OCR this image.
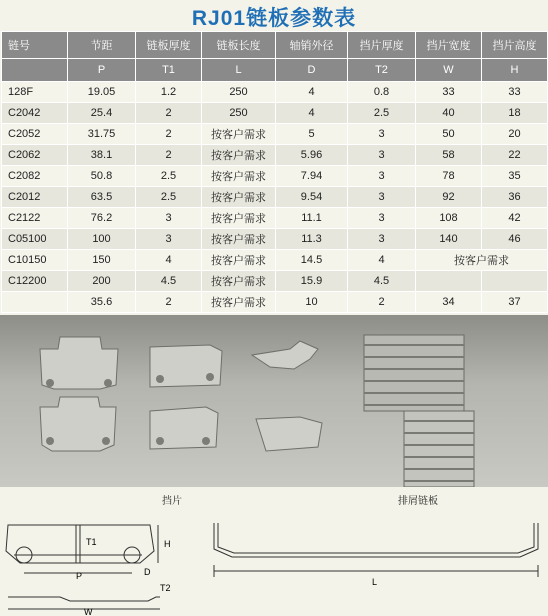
RJ01链板参数表
链号	节距	链板厚度	链板长度	轴销外径	挡片厚度	挡片宽度	挡片高度
	P	T1	L	D	T2	W	H
128F	19.05	1.2	250	4	0.8	33	33
C2042	25.4	2	250	4	2.5	40	18
C2052	31.75	2	按客户需求	5	3	50	20
C2062	38.1	2	按客户需求	5.96	3	58	22
C2082	50.8	2.5	按客户需求	7.94	3	78	35
C2012	63.5	2.5	按客户需求	9.54	3	92	36
C2122	76.2	3	按客户需求	11.1	3	108	42
C05100	100	3	按客户需求	11.3	3	140	46
C10150	150	4	按客户需求	14.5	4	按客户需求	
C12200	200	4.5	按客户需求	15.9	4.5		
	35.6	2	按客户需求	10	2	34	37
挡片	排屑链板
T1	H
P	D
T2
W
L
